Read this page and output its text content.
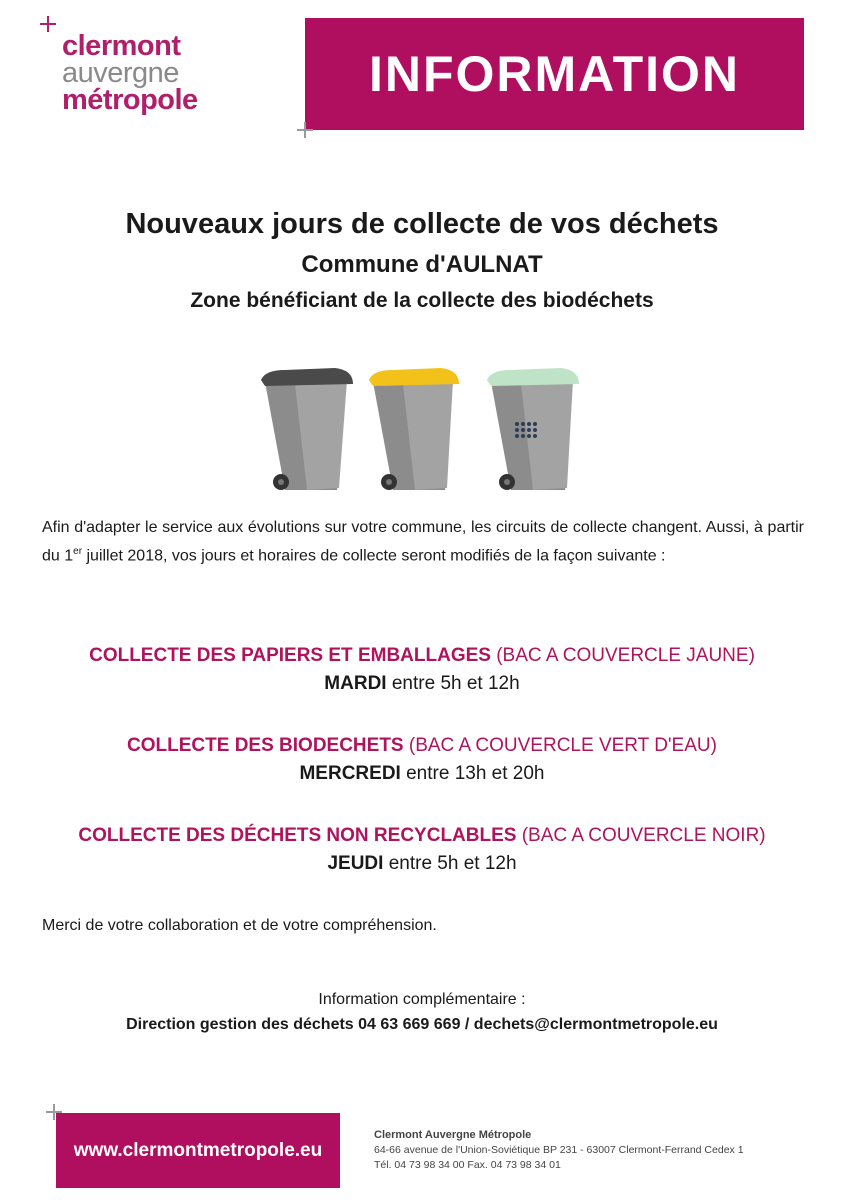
clermont
auvergne
métropole	INFORMATION
Nouveaux jours de collecte de vos déchets
Commune d'AULNAT
Zone bénéficiant de la collecte des biodéchets
Afin d'adapter le service aux évolutions sur votre commune, les circuits de collecte changent. Aussi, à partir du 1er juillet 2018, vos jours et horaires de collecte seront modifiés de la façon suivante :
COLLECTE DES PAPIERS ET EMBALLAGES (BAC A COUVERCLE JAUNE)
MARDI entre 5h et 12h
COLLECTE DES BIODECHETS (BAC A COUVERCLE VERT D'EAU)
MERCREDI entre 13h et 20h
COLLECTE DES DÉCHETS NON RECYCLABLES (BAC A COUVERCLE NOIR)
JEUDI entre 5h et 12h
Merci de votre collaboration et de votre compréhension.
Information complémentaire :
Direction gestion des déchets 04 63 669 669 / dechets@clermontmetropole.eu
www.clermontmetropole.eu
Clermont Auvergne Métropole
64-66 avenue de l'Union-Soviétique BP 231 - 63007 Clermont-Ferrand Cedex 1
Tél. 04 73 98 34 00 Fax. 04 73 98 34 01
